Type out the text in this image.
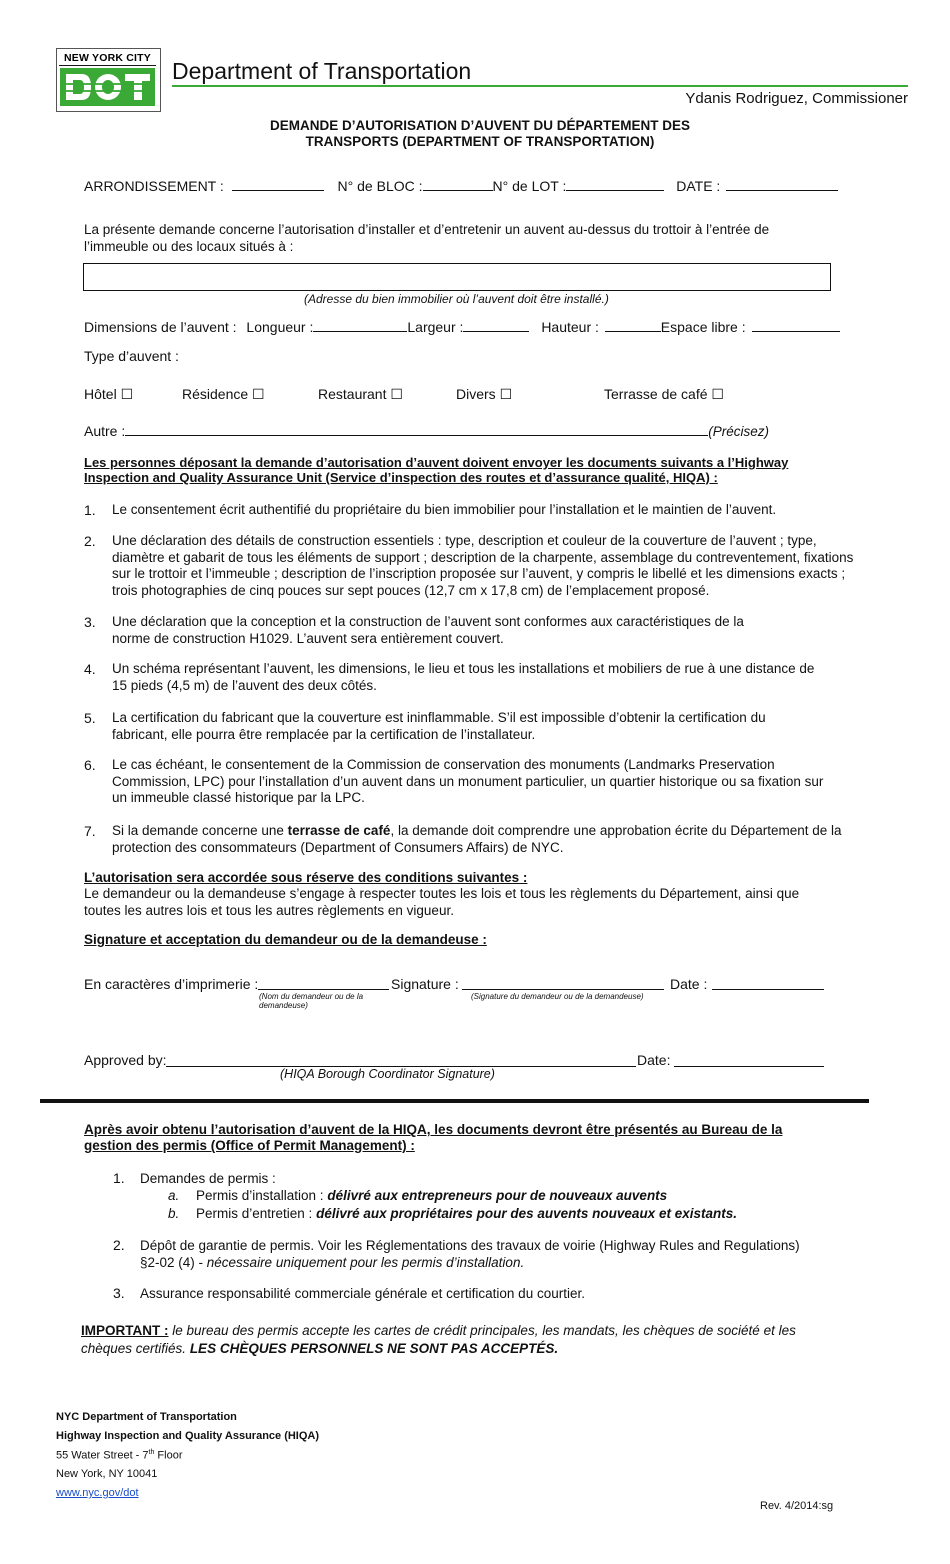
NEW YORK CITY Department of Transportation
Ydanis Rodriguez, Commissioner
DEMANDE D’AUTORISATION D’AUVENT DU DÉPARTEMENT DES
TRANSPORTS (DEPARTMENT OF TRANSPORTATION)
ARRONDISSEMENT :	N° de BLOC :	N° de LOT :	DATE :
La présente demande concerne l’autorisation d’installer et d’entretenir un auvent au-dessus du trottoir à l’entrée de
l’immeuble ou des locaux situés à :
(Adresse du bien immobilier où l’auvent doit être installé.)
Dimensions de l’auvent : Longueur :	Largeur :	Hauteur :	Espace libre :
Type d’auvent :
Hôtel ☐	Résidence ☐	Restaurant ☐	Divers ☐	Terrasse de café ☐
Autre :	(Précisez)
Les personnes déposant la demande d’autorisation d’auvent doivent envoyer les documents suivants a l’Highway
Inspection and Quality Assurance Unit (Service d’inspection des routes et d’assurance qualité, HIQA) :
1. Le consentement écrit authentifié du propriétaire du bien immobilier pour l’installation et le maintien de l’auvent.
2. Une déclaration des détails de construction essentiels : type, description et couleur de la couverture de l’auvent ; type, diamètre et gabarit de tous les éléments de support ; description de la charpente, assemblage du contreventement, fixations sur le trottoir et l’immeuble ; description de l’inscription proposée sur l’auvent, y compris le libellé et les dimensions exacts ; trois photographies de cinq pouces sur sept pouces (12,7 cm x 17,8 cm) de l’emplacement proposé.
3. Une déclaration que la conception et la construction de l’auvent sont conformes aux caractéristiques de la norme de construction H1029. L’auvent sera entièrement couvert.
4. Un schéma représentant l’auvent, les dimensions, le lieu et tous les installations et mobiliers de rue à une distance de 15 pieds (4,5 m) de l’auvent des deux côtés.
5. La certification du fabricant que la couverture est ininflammable. S’il est impossible d’obtenir la certification du fabricant, elle pourra être remplacée par la certification de l’installateur.
6. Le cas échéant, le consentement de la Commission de conservation des monuments (Landmarks Preservation Commission, LPC) pour l’installation d’un auvent dans un monument particulier, un quartier historique ou sa fixation sur un immeuble classé historique par la LPC.
7. Si la demande concerne une terrasse de café, la demande doit comprendre une approbation écrite du Département de la protection des consommateurs (Department of Consumers Affairs) de NYC.
L’autorisation sera accordée sous réserve des conditions suivantes :
Le demandeur ou la demandeuse s’engage à respecter toutes les lois et tous les règlements du Département, ainsi que toutes les autres lois et tous les autres règlements en vigueur.
Signature et acceptation du demandeur ou de la demandeuse :
En caractères d’imprimerie :
(Nom du demandeur ou de la demandeuse)
Signature :
(Signature du demandeur ou de la demandeuse)
Date :
Approved by:
(HIQA Borough Coordinator Signature)
Date:
Après avoir obtenu l’autorisation d’auvent de la HIQA, les documents devront être présentés au Bureau de la
gestion des permis (Office of Permit Management) :
1. Demandes de permis :
a. Permis d’installation : délivré aux entrepreneurs pour de nouveaux auvents
b. Permis d’entretien : délivré aux propriétaires pour des auvents nouveaux et existants.
2. Dépôt de garantie de permis. Voir les Réglementations des travaux de voirie (Highway Rules and Regulations)
§2-02 (4) - nécessaire uniquement pour les permis d’installation.
3. Assurance responsabilité commerciale générale et certification du courtier.
IMPORTANT : le bureau des permis accepte les cartes de crédit principales, les mandats, les chèques de société et les
chèques certifiés. LES CHÈQUES PERSONNELS NE SONT PAS ACCEPTÉS.
NYC Department of Transportation
Highway Inspection and Quality Assurance (HIQA)
55 Water Street - 7th Floor
New York, NY 10041
www.nyc.gov/dot
Rev. 4/2014:sg
